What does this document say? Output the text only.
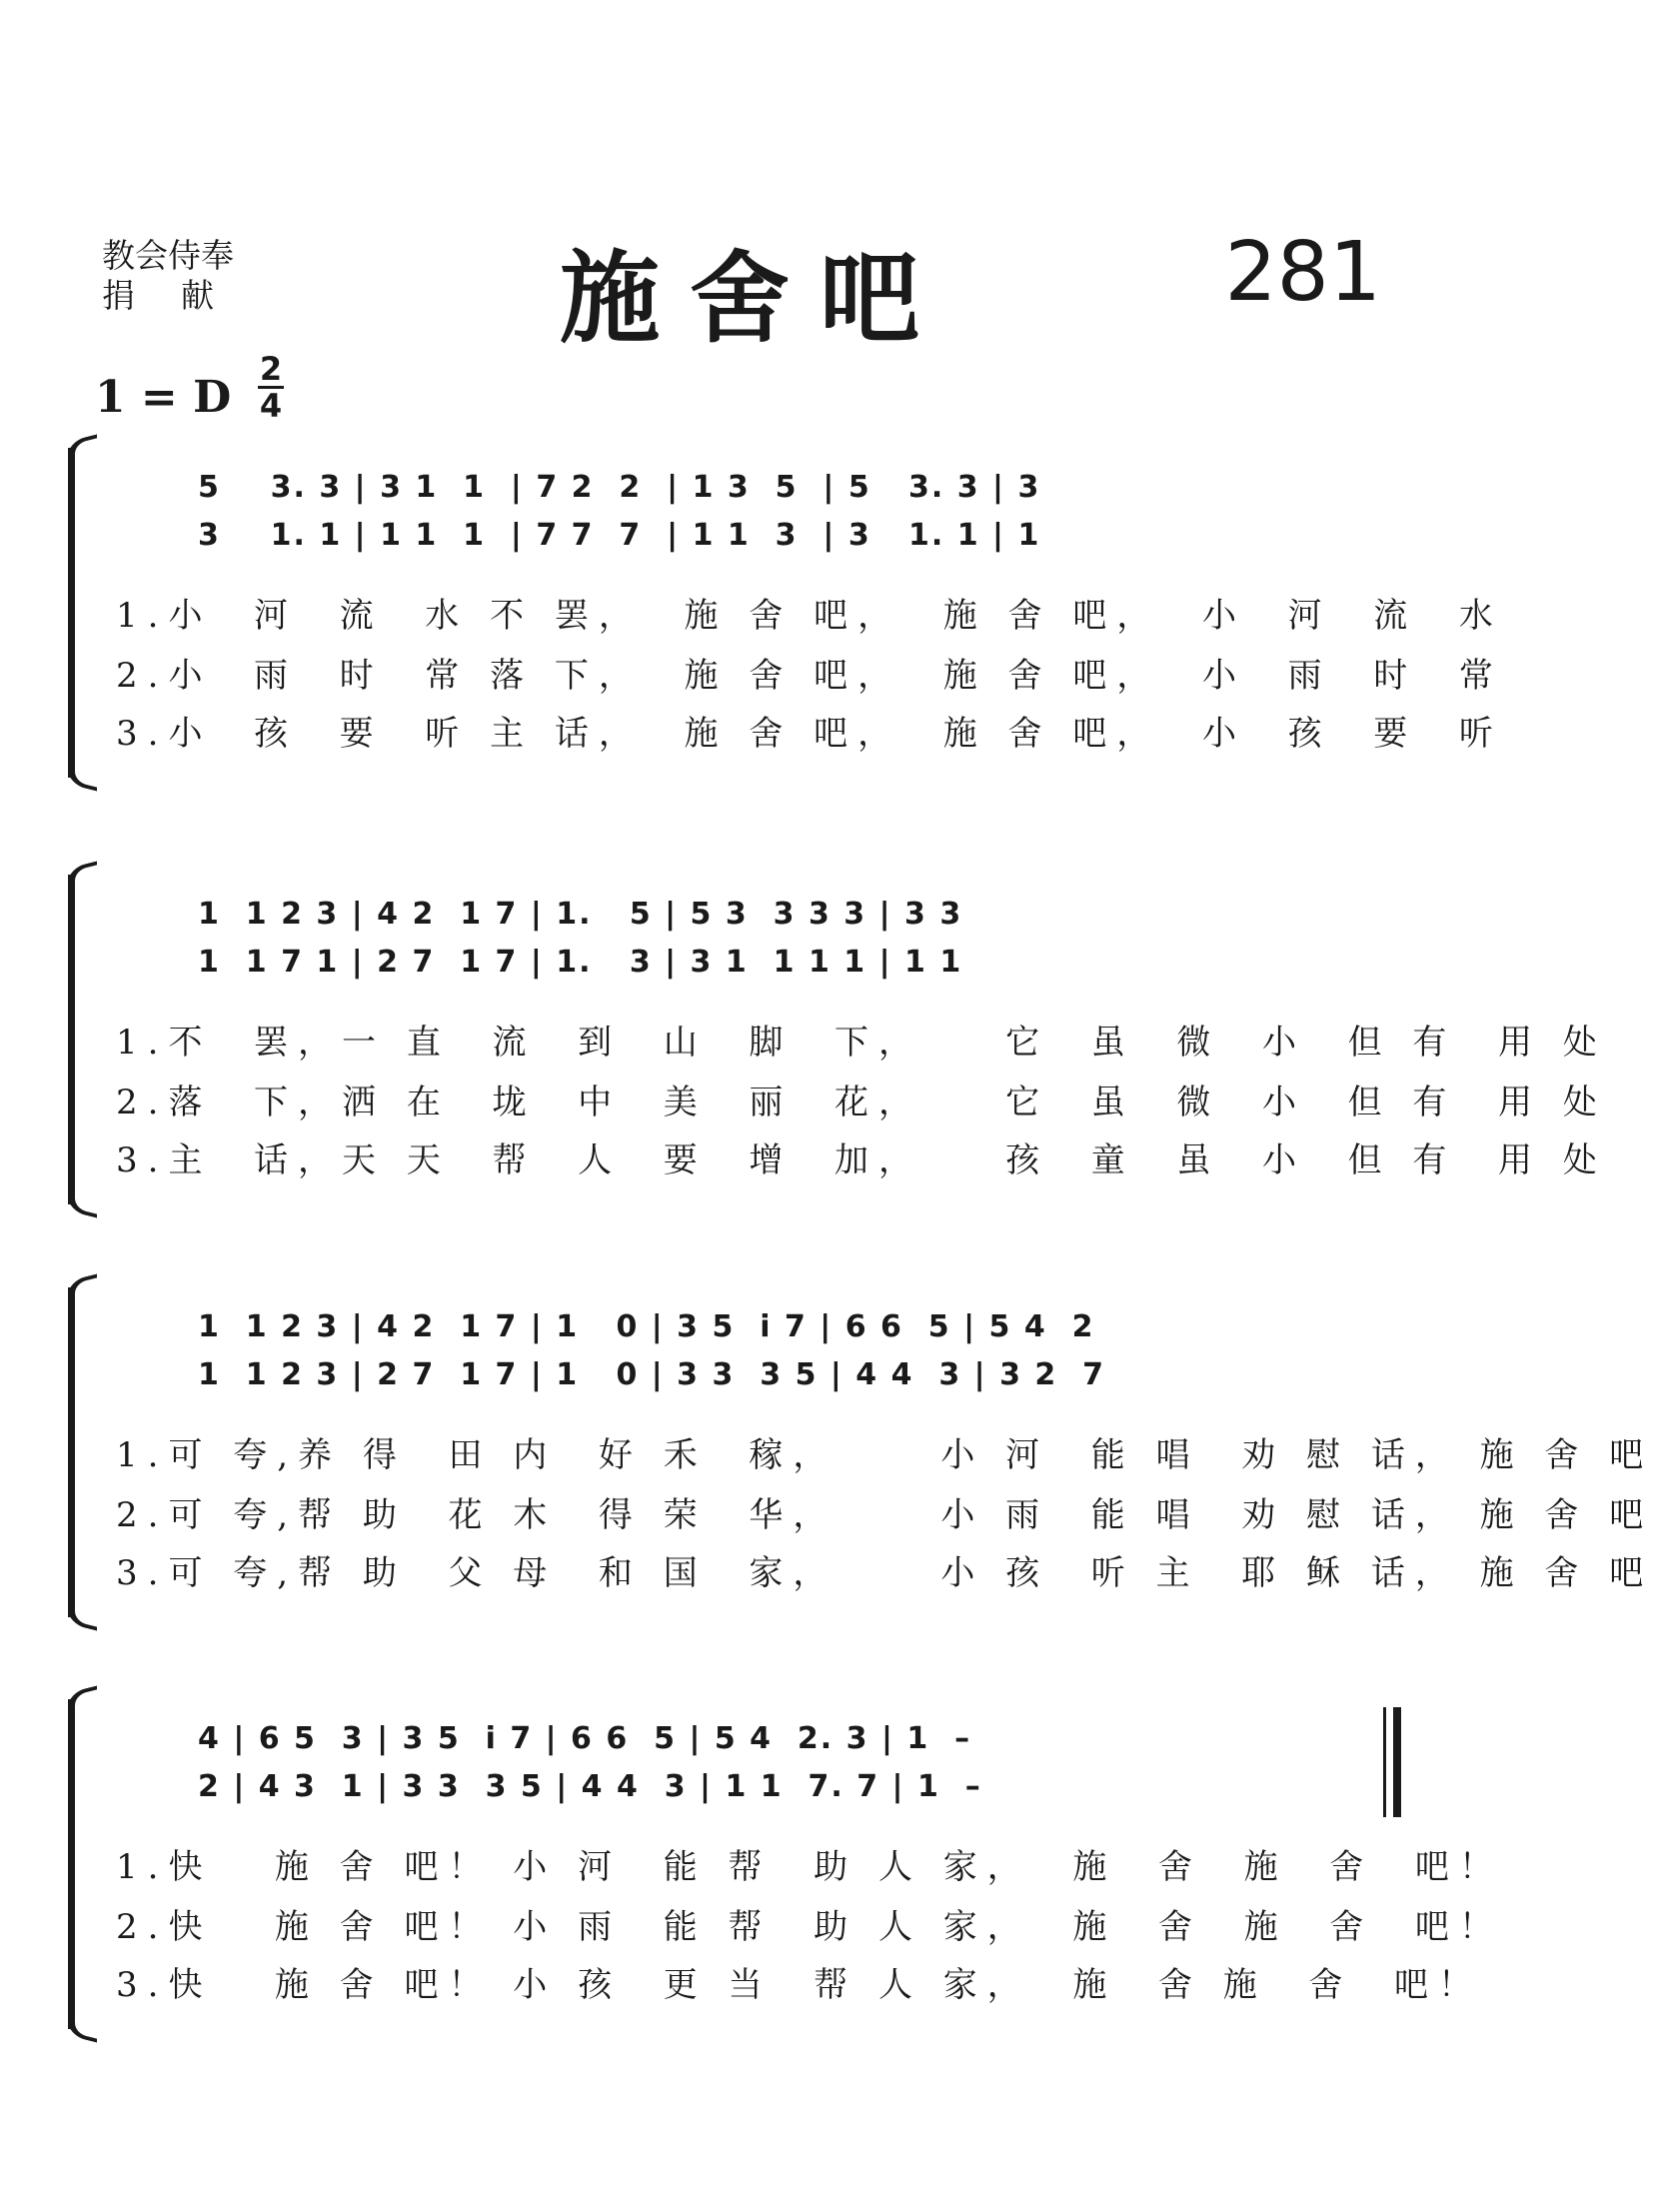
教会侍奉
捐献	施舍吧	281
1 = D
2
4
5    3. 3 | 3 1  1  | 7 2  2  | 1 3  5  | 5   3. 3 | 3
3    1. 1 | 1 1  1  | 7 7  7  | 1 1  3  | 3   1. 1 | 1
1.小  河  流  水 不 罢，  施 舍 吧，  施 舍 吧，  小  河  流  水
2.小  雨  时  常 落 下，  施 舍 吧，  施 舍 吧，  小  雨  时  常
3.小  孩  要  听 主 话，  施 舍 吧，  施 舍 吧，  小  孩  要  听
1  1 2 3 | 4 2  1 7 | 1.   5 | 5 3  3 3 3 | 3 3
1  1 7 1 | 2 7  1 7 | 1.   3 | 3 1  1 1 1 | 1 1
1.不  罢，一 直  流  到  山  脚  下，    它  虽  微  小  但 有  用 处
2.落  下，洒 在  垅  中  美  丽  花，    它  虽  微  小  但 有  用 处
3.主  话，天 天  帮  人  要  增  加，    孩  童  虽  小  但 有  用 处
1  1 2 3 | 4 2  1 7 | 1   0 | 3 5  i 7 | 6 6  5 | 5 4  2
1  1 2 3 | 2 7  1 7 | 1   0 | 3 3  3 5 | 4 4  3 | 3 2  7
1.可 夸,养 得  田 内  好 禾  稼，     小 河  能 唱  劝 慰 话， 施 舍 吧
2.可 夸,帮 助  花 木  得 荣  华，     小 雨  能 唱  劝 慰 话， 施 舍 吧
3.可 夸,帮 助  父 母  和 国  家，     小 孩  听 主  耶 稣 话， 施 舍 吧
4 | 6 5  3 | 3 5  i 7 | 6 6  5 | 5 4  2. 3 | 1  –
2 | 4 3  1 | 3 3  3 5 | 4 4  3 | 1 1  7. 7 | 1  –
1.快   施 舍 吧！ 小 河  能 帮  助 人 家，  施  舍  施  舍  吧！
2.快   施 舍 吧！ 小 雨  能 帮  助 人 家，  施  舍  施  舍  吧！
3.快   施 舍 吧！ 小 孩  更 当  帮 人 家，  施  舍 施  舍  吧！
